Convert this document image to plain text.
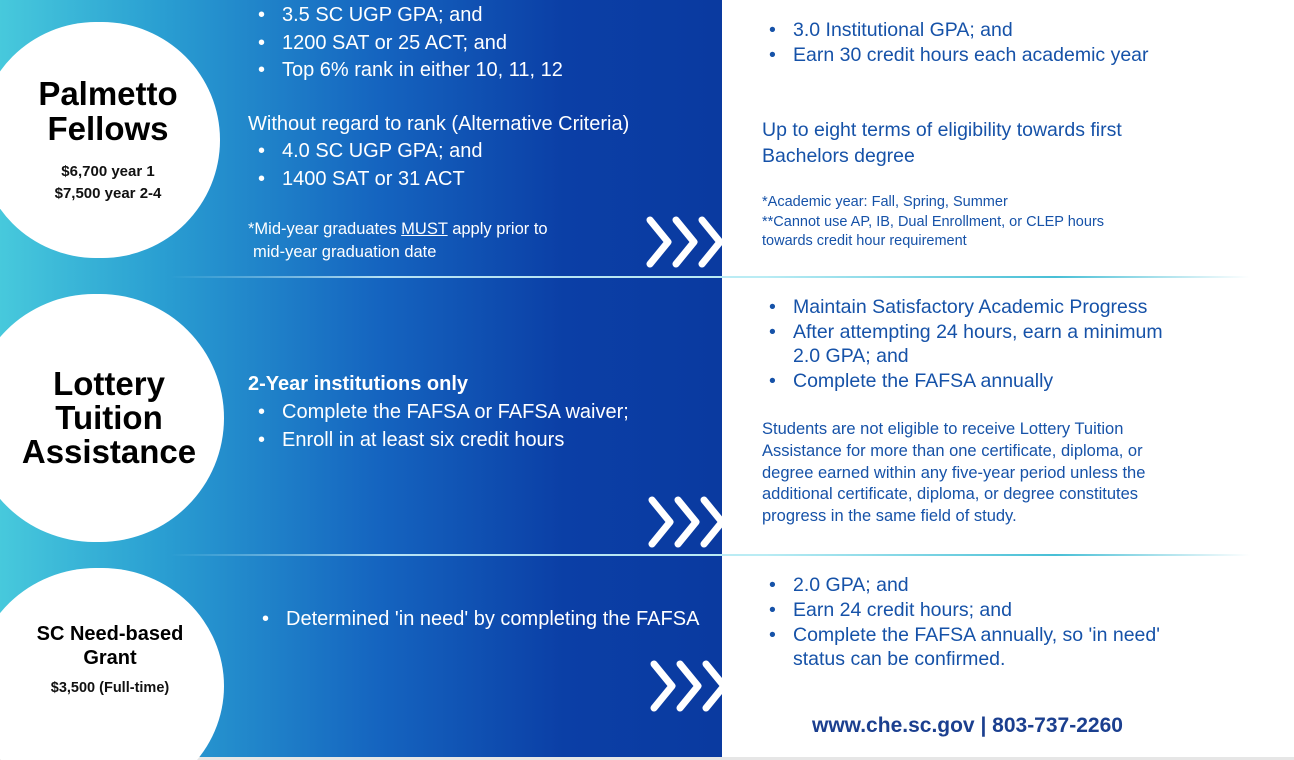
Palmetto
Fellows
$6,700 year 1
$7,500 year 2-4
• 3.5 SC UGP GPA; and
• 1200 SAT or 25 ACT; and
• Top 6% rank in either 10, 11, 12
Without regard to rank (Alternative Criteria)
• 4.0 SC UGP GPA; and
• 1400 SAT or 31 ACT
*Mid-year graduates MUST apply prior to
mid-year graduation date
• 3.0 Institutional GPA; and
• Earn 30 credit hours each academic year
Up to eight terms of eligibility towards first Bachelors degree
*Academic year: Fall, Spring, Summer
**Cannot use AP, IB, Dual Enrollment, or CLEP hours towards credit hour requirement
Lottery
Tuition
Assistance
2-Year institutions only
• Complete the FAFSA or FAFSA waiver;
• Enroll in at least six credit hours
• Maintain Satisfactory Academic Progress
• After attempting 24 hours, earn a minimum 2.0 GPA; and
• Complete the FAFSA annually
Students are not eligible to receive Lottery Tuition Assistance for more than one certificate, diploma, or degree earned within any five-year period unless the additional certificate, diploma, or degree constitutes progress in the same field of study.
SC Need-based
Grant
$3,500 (Full-time)
• Determined 'in need' by completing the FAFSA
• 2.0 GPA; and
• Earn 24 credit hours; and
• Complete the FAFSA annually, so 'in need' status can be confirmed.
www.che.sc.gov | 803-737-2260
